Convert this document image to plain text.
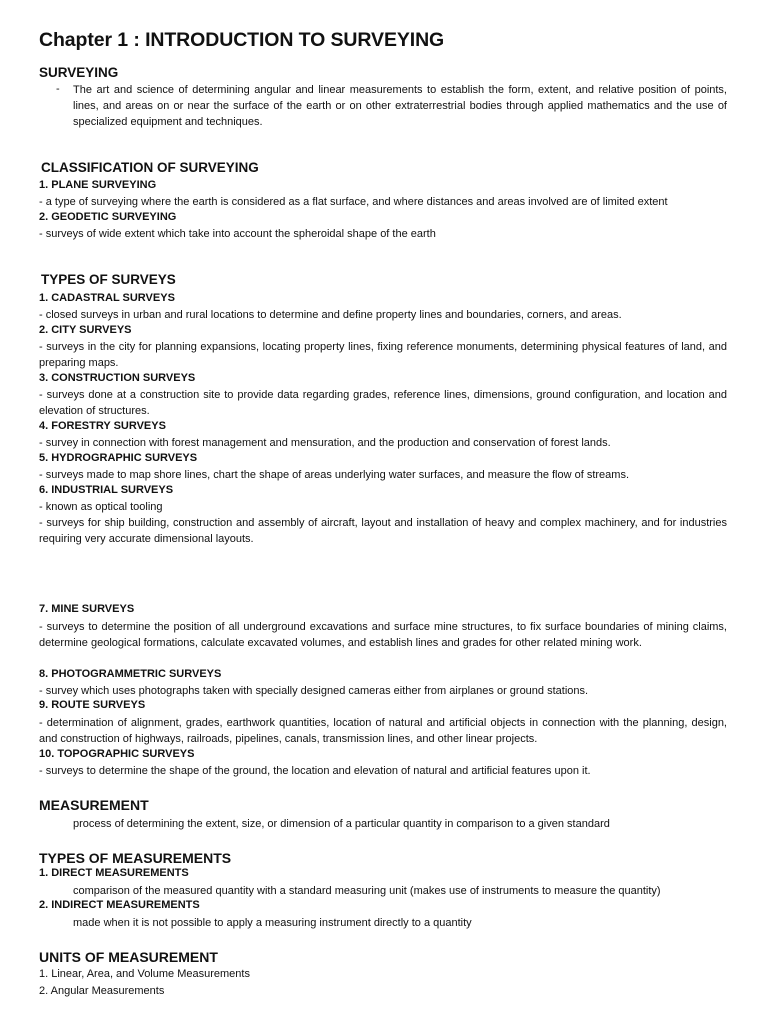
Chapter 1 : INTRODUCTION TO SURVEYING
SURVEYING
- The art and science of determining angular and linear measurements to establish the form, extent, and relative position of points, lines, and areas on or near the surface of the earth or on other extraterrestrial bodies through applied mathematics and the use of specialized equipment and techniques.
CLASSIFICATION OF SURVEYING
1. PLANE SURVEYING
- a type of surveying where the earth is considered as a flat surface, and where distances and areas involved are of limited extent
2. GEODETIC SURVEYING
- surveys of wide extent which take into account the spheroidal shape of the earth
TYPES OF SURVEYS
1. CADASTRAL SURVEYS
- closed surveys in urban and rural locations to determine and define property lines and boundaries, corners, and areas.
2. CITY SURVEYS
- surveys in the city for planning expansions, locating property lines, fixing reference monuments, determining physical features of land, and preparing maps.
3. CONSTRUCTION SURVEYS
- surveys done at a construction site to provide data regarding grades, reference lines, dimensions, ground configuration, and location and elevation of structures.
4. FORESTRY SURVEYS
- survey in connection with forest management and mensuration, and the production and conservation of forest lands.
5. HYDROGRAPHIC SURVEYS
- surveys made to map shore lines, chart the shape of areas underlying water surfaces, and measure the flow of streams.
6. INDUSTRIAL SURVEYS
- known as optical tooling
- surveys for ship building, construction and assembly of aircraft, layout and installation of heavy and complex machinery, and for industries requiring very accurate dimensional layouts.
7. MINE SURVEYS
- surveys to determine the position of all underground excavations and surface mine structures, to fix surface boundaries of mining claims, determine geological formations, calculate excavated volumes, and establish lines and grades for other related mining work.
8. PHOTOGRAMMETRIC SURVEYS
- survey which uses photographs taken with specially designed cameras either from airplanes or ground stations.
9. ROUTE SURVEYS
- determination of alignment, grades, earthwork quantities, location of natural and artificial objects in connection with the planning, design, and construction of highways, railroads, pipelines, canals, transmission lines, and other linear projects.
10. TOPOGRAPHIC SURVEYS
- surveys to determine the shape of the ground, the location and elevation of natural and artificial features upon it.
MEASUREMENT
process of determining the extent, size, or dimension of a particular quantity in comparison to a given standard
TYPES OF MEASUREMENTS
1. DIRECT MEASUREMENTS
comparison of the measured quantity with a standard measuring unit (makes use of instruments to measure the quantity)
2. INDIRECT MEASUREMENTS
made when it is not possible to apply a measuring instrument directly to a quantity
UNITS OF MEASUREMENT
1. Linear, Area, and Volume Measurements
2. Angular Measurements
